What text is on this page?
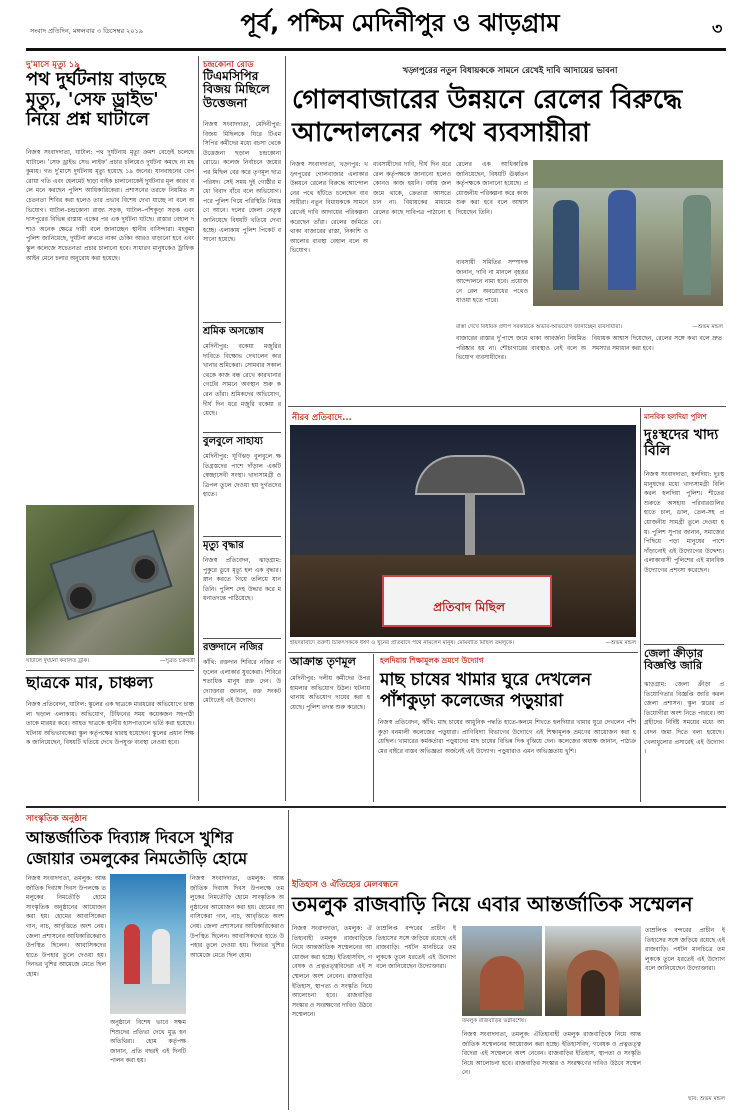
সংবাদ প্রতিদিন, মঙ্গলবার ৩ ডিসেম্বর ২০১৯	পূর্ব, পশ্চিম মেদিনীপুর ও ঝাড়গ্রাম	৩
দু'মাসে মৃত্যু ১৯
পথ দুর্ঘটনায় বাড়ছে মৃত্যু, 'সেফ ড্রাইভ' নিয়ে প্রশ্ন ঘাটালে
নিজস্ব সংবাদদাতা, ঘাটাল: পথ দুর্ঘটনায় মৃত্যু ক্রমশ বেড়েই চলেছে ঘাটালে। 'সেফ ড্রাইভ সেভ লাইফ' প্রচার চলিয়েও দুর্ঘটনা কমছে না মহকুমায়। গত দু'মাসে দুর্ঘটনায় মৃত্যু হয়েছে ১৯ জনের। যানবাহনের বেপরোয়া গতি এবং হেলমেট ছাড়া বাইক চালানোকেই দুর্ঘটনার মূল কারণ বলে মনে করছেন পুলিশ আধিকারিকেরা। প্রশাসনের তরফে নিয়মিত সচেতনতা শিবির করা হলেও তার প্রভাব বিশেষ দেখা যাচ্ছে না বলে অভিযোগ। ঘাটাল–চন্দ্রকোনা রাজ্য সড়ক, ঘাটাল–পাঁশকুড়া সড়ক এবং দাসপুরের বিভিন্ন রাস্তায় একের পর এক দুর্ঘটনা ঘটছে। রাস্তার বেহাল দশাও অনেক ক্ষেত্রে দায়ী বলে জানাচ্ছেন স্থানীয় বাসিন্দারা। মহকুমা পুলিশ জানিয়েছে, দুর্ঘটনা রুখতে নাকা চেকিং আরও বাড়ানো হবে এবং স্কুল কলেজে সচেতনতা প্রচার চালানো হবে। সাধারণ মানুষকেও ট্রাফিক আইন মেনে চলার অনুরোধ করা হয়েছে।
ঘাটালে দুর্ঘটনা কবলিত ট্রাক।	—সুব্রত চক্রবর্তী
ছাত্রকে মার, চাঞ্চল্য
নিজস্ব প্রতিবেদন, ঘাটাল: স্কুলের এক ছাত্রকে মারধরের অভিযোগে চাঞ্চল্য ছড়াল এলাকায়। অভিযোগ, টিফিনের সময় কয়েকজন সহপাঠী তাকে মারধর করে। আহত ছাত্রকে স্থানীয় হাসপাতালে ভর্তি করা হয়েছে। ঘটনায় অভিভাবকেরা স্কুল কর্তৃপক্ষের দ্বারস্থ হয়েছেন। স্কুলের প্রধান শিক্ষক জানিয়েছেন, বিষয়টি খতিয়ে দেখে উপযুক্ত ব্যবস্থা নেওয়া হবে।
চন্দ্রকোনা রোড
টিএমসিপির বিজয় মিছিলে উত্তেজনা
নিজস্ব সংবাদদাতা, মেদিনীপুর: বিজয় মিছিলকে ঘিরে টিএমসিপির কর্মীদের মধ্যে বচসা থেকে উত্তেজনা ছড়াল চন্দ্রকোনা রোডে। কলেজ নির্বাচনে জয়ের পর মিছিল বের করে তৃণমূল ছাত্র পরিষদ। সেই সময় দুই গোষ্ঠীর মধ্যে বিবাদ বাঁধে বলে অভিযোগ। পরে পুলিশ গিয়ে পরিস্থিতি নিয়ন্ত্রণে আনে। দলের জেলা নেতৃত্ব জানিয়েছে বিষয়টি খতিয়ে দেখা হচ্ছে। এলাকায় পুলিশ পিকেট বসানো হয়েছে।
শ্রমিক অসন্তোষ
মেদিনীপুর: বকেয়া মজুরির দাবিতে বিক্ষোভ দেখালেন কারখানার শ্রমিকেরা। সোমবার সকাল থেকে কাজ বন্ধ রেখে কারখানার গেটের সামনে অবস্থান শুরু করেন তাঁরা। শ্রমিকদের অভিযোগ, দীর্ঘ দিন ধরে মজুরি বকেয়া রয়েছে।
বুলবুলে সাহায্য
মেদিনীপুর: ঘূর্ণিঝড় বুলবুলে ক্ষতিগ্রস্তদের পাশে দাঁড়াল একটি স্বেচ্ছাসেবী সংস্থা। খাদ্যসামগ্রী ও ত্রিপল তুলে দেওয়া হয় দুর্গতদের হাতে।
মৃত্যু বৃদ্ধার
নিজস্ব প্রতিবেদন, ঝাড়গ্রাম: পুকুরে ডুবে মৃত্যু হল এক বৃদ্ধার। স্নান করতে গিয়ে তলিয়ে যান তিনি। পুলিশ দেহ উদ্ধার করে ময়নাতদন্তে পাঠিয়েছে।
রক্তদানে নজির
কাঁথি: রক্তদান শিবিরে নজির গড়লেন এলাকার যুবকেরা। শিবিরে শতাধিক মানুষ রক্ত দেন। উদ্যোক্তারা জানান, রক্ত সংকট মেটাতেই এই উদ্যোগ।
খড়্গপুরের নতুন বিধায়ককে সামনে রেখেই দাবি আদায়ের ভাবনা
গোলবাজারের উন্নয়নে রেলের বিরুদ্ধে আন্দোলনের পথে ব্যবসায়ীরা
নিজস্ব সংবাদদাতা, খড়্গপুর: খড়্গপুরের গোলবাজার এলাকার উন্নয়নে রেলের বিরুদ্ধে আন্দোলনের পথে হাঁটতে চলেছেন ব্যবসায়ীরা। নতুন বিধায়ককে সামনে রেখেই দাবি আদায়ের পরিকল্পনা করেছেন তাঁরা। রেলের জমিতে থাকা বাজারের রাস্তা, নিকাশি ও আলোর ব্যবস্থা বেহাল বলে অভিযোগ।
ব্যবসায়ীদের দাবি, দীর্ঘ দিন ধরে রেল কর্তৃপক্ষকে জানানো হলেও কোনও কাজ হয়নি। বর্ষায় জল জমে থাকে, ক্রেতারা আসতে চান না। বিধায়কের মাধ্যমে রেলের কাছে দাবিপত্র পাঠানো হবে।
রেলের এক আধিকারিক জানিয়েছেন, বিষয়টি ঊর্ধ্বতন কর্তৃপক্ষকে জানানো হয়েছে। প্রয়োজনীয় পরিকল্পনা করে কাজ শুরু করা হবে বলে আশ্বাস দিয়েছেন তিনি।
ব্যবসায়ী সমিতির সম্পাদক জানান, দাবি না মানলে বৃহত্তর আন্দোলনে নামা হবে। প্রয়োজনে রেল অবরোধের পথেও যাওয়া হতে পারে।
রাস্তা দেখে বিধায়ক প্রদীপ সরকারকে অভাব-অভিযোগ জানাচ্ছেন ব্যবসায়ীরা।	—শুভম মন্ডল
বাজারের রাস্তার দু'পাশে জমে থাকা আবর্জনা নিয়মিত পরিষ্কার হয় না। শৌচাগারের ব্যবস্থাও নেই বলে অভিযোগ ব্যবসায়ীদের।
বিধায়ক আশ্বাস দিয়েছেন, রেলের সঙ্গে কথা বলে দ্রুত সমস্যার সমাধান করা হবে।
নীরব প্রতিবাদে...
প্রতিবাদ মিছিল
হায়দরাবাদে তরুণী চিকিৎসককে ধর্ষণ ও খুনের প্রতিবাদে পথে নামলেন মানুষ। মোমবাতি মিছিল তমলুকে।	—শুভম মন্ডল
মানবিক হলদিয়া পুলিশ
দুঃস্থদের খাদ্য বিলি
নিজস্ব সংবাদদাতা, হলদিয়া: দুঃস্থ মানুষদের মধ্যে খাদ্যসামগ্রী বিলি করল হলদিয়া পুলিশ। শীতের শুরুতে অসহায় পরিবারগুলির হাতে চাল, ডাল, তেল-সহ প্রয়োজনীয় সামগ্রী তুলে দেওয়া হয়। পুলিশ সুপার জানান, সমাজের পিছিয়ে পড়া মানুষের পাশে দাঁড়ানোই এই উদ্যোগের উদ্দেশ্য। এলাকাবাসী পুলিশের এই মানবিক উদ্যোগের প্রশংসা করেছেন।
জেলা ক্রীড়ার বিজ্ঞপ্তি জারি
ঝাড়গ্রাম: জেলা ক্রীড়া প্রতিযোগিতার বিজ্ঞপ্তি জারি করল জেলা প্রশাসন। স্কুল স্তরের প্রতিযোগীরা অংশ নিতে পারবে। আগ্রহীদের নির্দিষ্ট সময়ের মধ্যে আবেদন জমা দিতে বলা হয়েছে। খেলাধুলোর প্রসারেই এই উদ্যোগ।
আক্রান্ত তৃণমূল
মেদিনীপুর: দলীয় কর্মীদের উপর হামলার অভিযোগ উঠল। ঘটনায় থানায় অভিযোগ দায়ের করা হয়েছে। পুলিশ তদন্ত শুরু করেছে।
হলদিয়ায় শিক্ষামূলক ভ্রমণে উদ্যোগ
মাছ চাষের খামার ঘুরে দেখলেন পাঁশকুড়া কলেজের পড়ুয়ারা
নিজস্ব প্রতিবেদন, কাঁথি: মাছ চাষের আধুনিক পদ্ধতি হাতে-কলমে শিখতে হলদিয়ার খামার ঘুরে দেখলেন পাঁশকুড়া বনমালী কলেজের পড়ুয়ারা। প্রাণিবিদ্যা বিভাগের উদ্যোগে এই শিক্ষামূলক ভ্রমণের আয়োজন করা হয়েছিল। খামারের কর্মকর্তারা পড়ুয়াদের মাছ চাষের বিভিন্ন দিক বুঝিয়ে দেন। কলেজের অধ্যক্ষ জানান, পাঠ্যক্রমের বাইরে বাস্তব অভিজ্ঞতা অর্জনেই এই উদ্যোগ। পড়ুয়ারাও এমন অভিজ্ঞতায় খুশি।
সাংস্কৃতিক অনুষ্ঠান
আন্তর্জাতিক দিব্যাঙ্গ দিবসে খুশির জোয়ার তমলুকের নিমতৌড়ি হোমে
নিজস্ব সংবাদদাতা, তমলুক: আন্তর্জাতিক দিব্যাঙ্গ দিবস উপলক্ষে তমলুকের নিমতৌড়ি হোমে সাংস্কৃতিক অনুষ্ঠানের আয়োজন করা হয়। হোমের আবাসিকেরা গান, নাচ, আবৃত্তিতে অংশ নেয়। জেলা প্রশাসনের আধিকারিকেরাও উপস্থিত ছিলেন। আবাসিকদের হাতে উপহার তুলে দেওয়া হয়। দিনভর খুশির আমেজে মেতে ছিল হোম।
অনুষ্ঠানে বিশেষ ভাবে সক্ষম শিশুদের প্রতিভা দেখে মুগ্ধ হন অতিথিরা। হোম কর্তৃপক্ষ জানান, প্রতি বছরই এই দিনটি পালন করা হয়।
নিজস্ব সংবাদদাতা, তমলুক: আন্তর্জাতিক দিব্যাঙ্গ দিবস উপলক্ষে তমলুকের নিমতৌড়ি হোমে সাংস্কৃতিক অনুষ্ঠানের আয়োজন করা হয়। হোমের আবাসিকেরা গান, নাচ, আবৃত্তিতে অংশ নেয়। জেলা প্রশাসনের আধিকারিকেরাও উপস্থিত ছিলেন। আবাসিকদের হাতে উপহার তুলে দেওয়া হয়। দিনভর খুশির আমেজে মেতে ছিল হোম।
ইতিহাস ও ঐতিহ্যের মেলবন্ধনে
তমলুক রাজবাড়ি নিয়ে এবার আন্তর্জাতিক সম্মেলন
নিজস্ব সংবাদদাতা, তমলুক: ঐতিহ্যবাহী তমলুক রাজবাড়িকে নিয়ে আন্তর্জাতিক সম্মেলনের আয়োজন করা হচ্ছে। ইতিহাসবিদ, গবেষক ও প্রত্নতত্ত্ববিদেরা এই সম্মেলনে অংশ নেবেন। রাজবাড়ির ইতিহাস, স্থাপত্য ও সংস্কৃতি নিয়ে আলোচনা হবে। রাজবাড়ির সংস্কার ও সংরক্ষণের দাবিও উঠবে সম্মেলনে।
তাম্রলিপ্ত বন্দরের প্রাচীন ইতিহাসের সঙ্গে জড়িয়ে রয়েছে এই রাজবাড়ি। পর্যটন মানচিত্রে তমলুককে তুলে ধরতেই এই উদ্যোগ বলে জানিয়েছেন উদ্যোক্তারা।
তমলুক রাজবাড়ির ভগ্নাবশেষ।
নিজস্ব সংবাদদাতা, তমলুক: ঐতিহ্যবাহী তমলুক রাজবাড়িকে নিয়ে আন্তর্জাতিক সম্মেলনের আয়োজন করা হচ্ছে। ইতিহাসবিদ, গবেষক ও প্রত্নতত্ত্ববিদেরা এই সম্মেলনে অংশ নেবেন। রাজবাড়ির ইতিহাস, স্থাপত্য ও সংস্কৃতি নিয়ে আলোচনা হবে। রাজবাড়ির সংস্কার ও সংরক্ষণের দাবিও উঠবে সম্মেলনে।
তাম্রলিপ্ত বন্দরের প্রাচীন ইতিহাসের সঙ্গে জড়িয়ে রয়েছে এই রাজবাড়ি। পর্যটন মানচিত্রে তমলুককে তুলে ধরতেই এই উদ্যোগ বলে জানিয়েছেন উদ্যোক্তারা।
ছবি: শুভম মন্ডল
